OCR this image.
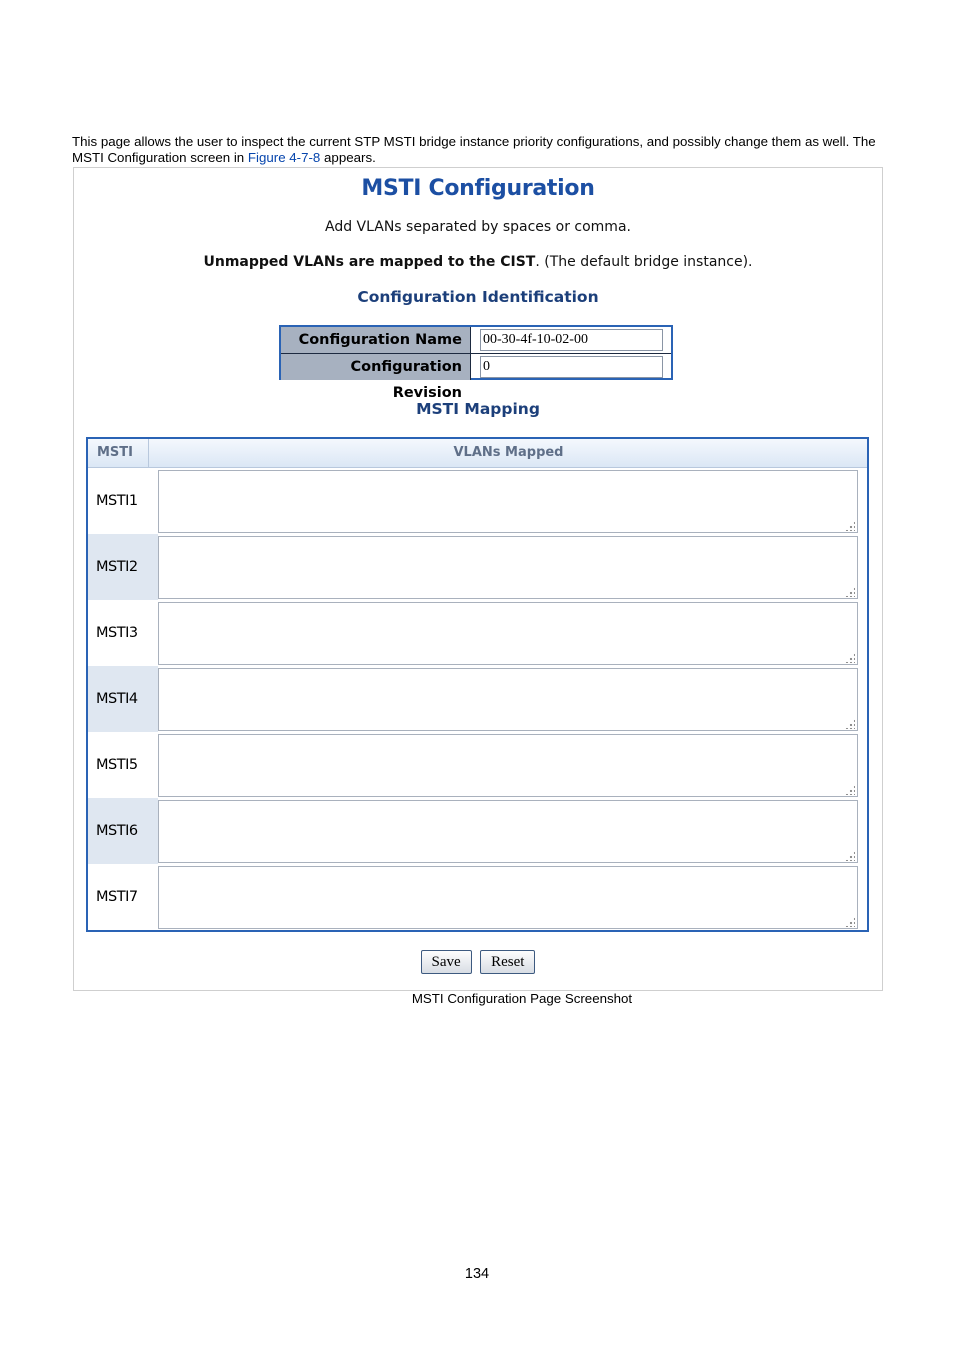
This page allows the user to inspect the current STP MSTI bridge instance priority configurations, and possibly change them as well. The MSTI Configuration screen in Figure 4-7-8 appears.
MSTI Configuration
Add VLANs separated by spaces or comma.
Unmapped VLANs are mapped to the CIST. (The default bridge instance).
Configuration Identification
Configuration Name	00-30-4f-10-02-00
Configuration Revision
0
MSTI Mapping
MSTI	VLANs Mapped
MSTI1
MSTI2
MSTI3
MSTI4
MSTI5
MSTI6
MSTI7
Save Reset
MSTI Configuration Page Screenshot
134
